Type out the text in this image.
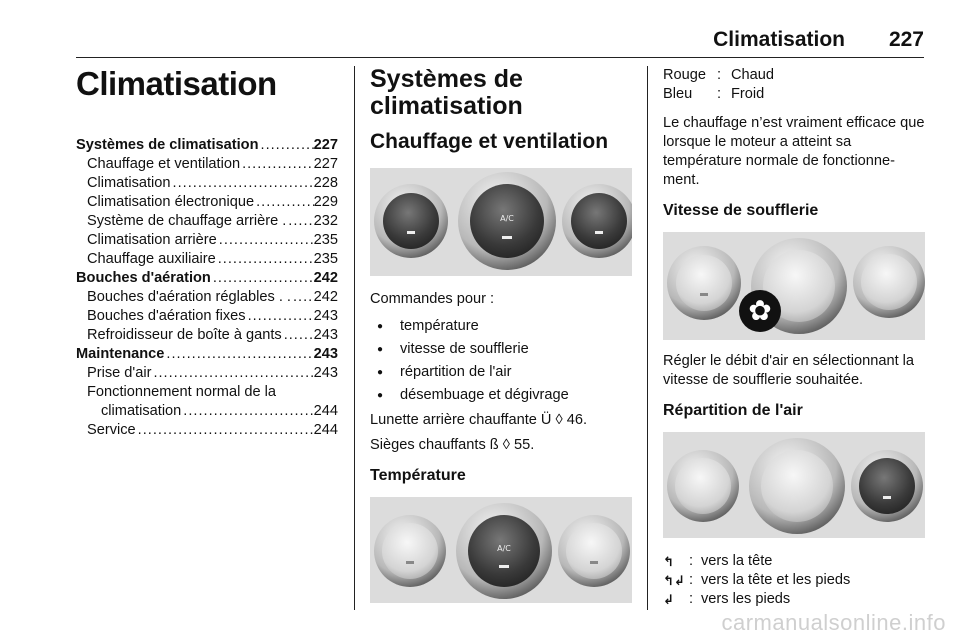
Climatisation 227
Climatisation
Systèmes de climatisation .....	227
Chauffage et ventilation .....	227
Climatisation .....	228
Climatisation électronique .....	229
Système de chauffage arrière . ..... 232
Climatisation arrière .....	235
Chauffage auxiliaire .....	235
Bouches d'aération .....	242
Bouches d'aération réglables . . ..... 242
Bouches d'aération fixes .....	243
Refroidisseur de boîte à gants ..... 243
Maintenance .....	243
Prise d'air .....	243
Fonctionnement normal de la
climatisation .....	244
Service .....	244
Systèmes de
climatisation
Chauffage et ventilation
A/C
Commandes pour :
● température
● vitesse de soufflerie
● répartition de l'air
● désembuage et dégivrage
Lunette arrière chauffante Ü ◊ 46.
Sièges chauffants ß ◊ 55.
Température
A/C
Rouge : Chaud
Bleu	: Froid
Le chauffage n’est vraiment efficace que lorsque le moteur a atteint sa température normale de fonctionne-ment.
Vitesse de soufflerie
✿
Régler le débit d'air en sélectionnant la vitesse de soufflerie souhaitée.
Répartition de l'air
↰	: vers la tête
↰↲ : vers la tête et les pieds
↲	: vers les pieds
carmanualsonline.info
